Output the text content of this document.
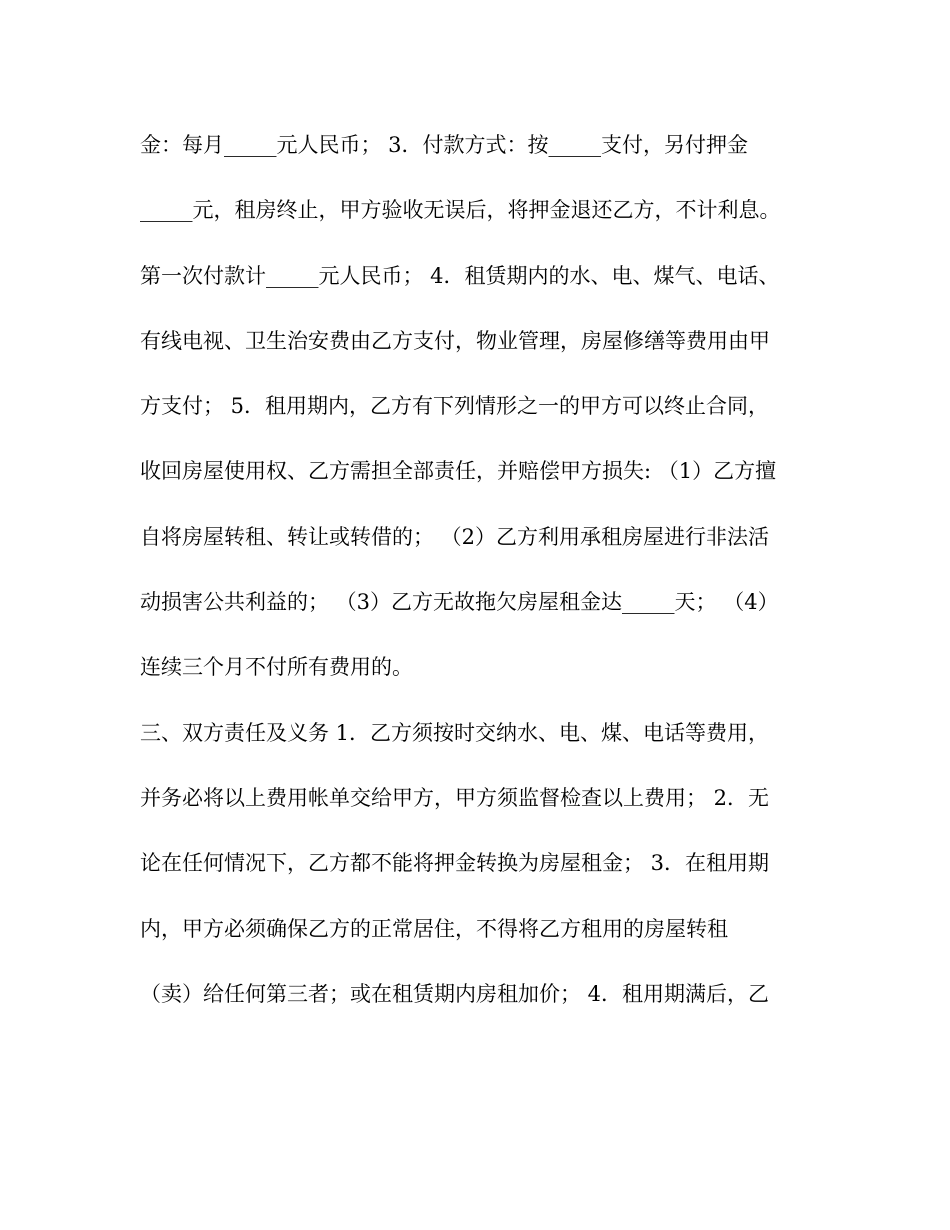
金：每月_____元人民币； 3．付款方式：按_____支付，另付押金
_____元，租房终止，甲方验收无误后，将押金退还乙方，不计利息。
第一次付款计_____元人民币； 4．租赁期内的水、电、煤气、电话、
有线电视、卫生治安费由乙方支付，物业管理，房屋修缮等费用由甲
方支付； 5．租用期内，乙方有下列情形之一的甲方可以终止合同，
收回房屋使用权、乙方需担全部责任，并赔偿甲方损失: （1）乙方擅
自将房屋转租、转让或转借的； （2）乙方利用承租房屋进行非法活
动损害公共利益的； （3）乙方无故拖欠房屋租金达_____天； （4）
连续三个月不付所有费用的。
三、双方责任及义务 1．乙方须按时交纳水、电、煤、电话等费用，
并务必将以上费用帐单交给甲方，甲方须监督检查以上费用； 2．无
论在任何情况下，乙方都不能将押金转换为房屋租金； 3．在租用期
内，甲方必须确保乙方的正常居住，不得将乙方租用的房屋转租
（卖）给任何第三者；或在租赁期内房租加价； 4．租用期满后，乙
